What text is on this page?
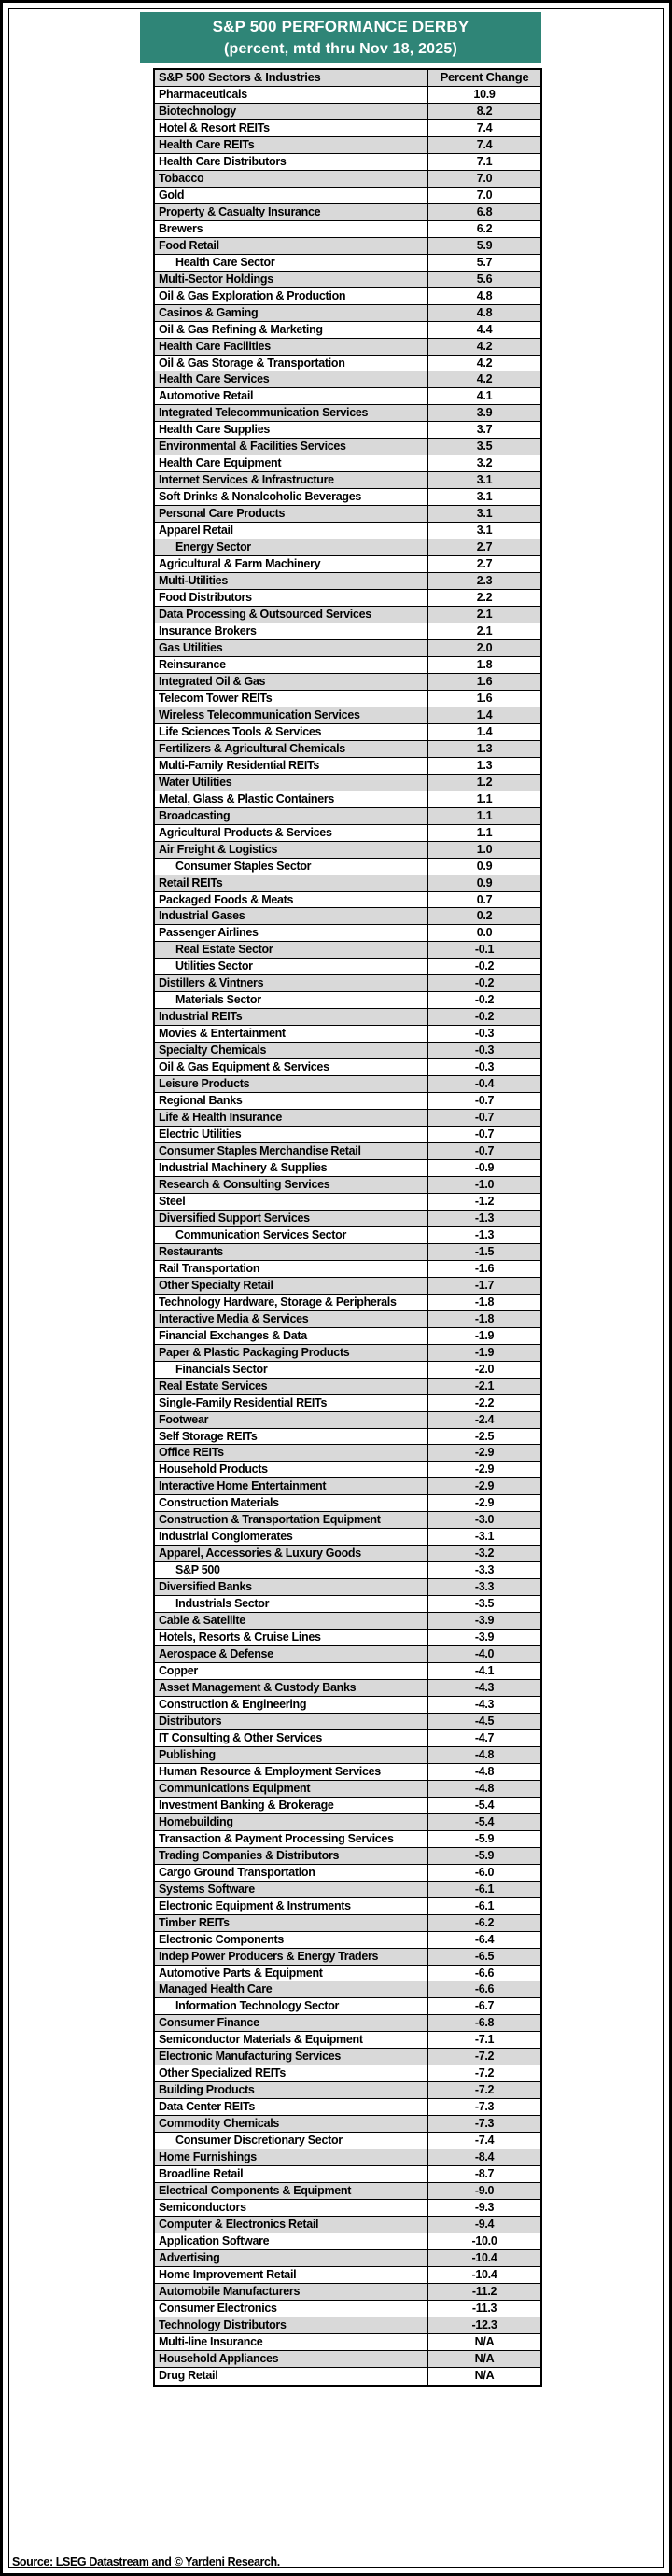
S&P 500 PERFORMANCE DERBY
(percent, mtd thru Nov 18, 2025)
S&P 500 Sectors & Industries	Percent Change
Pharmaceuticals	10.9
Biotechnology	8.2
Hotel & Resort REITs	7.4
Health Care REITs	7.4
Health Care Distributors	7.1
Tobacco	7.0
Gold	7.0
Property & Casualty Insurance	6.8
Brewers	6.2
Food Retail	5.9
Health Care Sector	5.7
Multi-Sector Holdings	5.6
Oil & Gas Exploration & Production	4.8
Casinos & Gaming	4.8
Oil & Gas Refining & Marketing	4.4
Health Care Facilities	4.2
Oil & Gas Storage & Transportation	4.2
Health Care Services	4.2
Automotive Retail	4.1
Integrated Telecommunication Services	3.9
Health Care Supplies	3.7
Environmental & Facilities Services	3.5
Health Care Equipment	3.2
Internet Services & Infrastructure	3.1
Soft Drinks & Nonalcoholic Beverages	3.1
Personal Care Products	3.1
Apparel Retail	3.1
Energy Sector	2.7
Agricultural & Farm Machinery	2.7
Multi-Utilities	2.3
Food Distributors	2.2
Data Processing & Outsourced Services	2.1
Insurance Brokers	2.1
Gas Utilities	2.0
Reinsurance	1.8
Integrated Oil & Gas	1.6
Telecom Tower REITs	1.6
Wireless Telecommunication Services	1.4
Life Sciences Tools & Services	1.4
Fertilizers & Agricultural Chemicals	1.3
Multi-Family Residential REITs	1.3
Water Utilities	1.2
Metal, Glass & Plastic Containers	1.1
Broadcasting	1.1
Agricultural Products & Services	1.1
Air Freight & Logistics	1.0
Consumer Staples Sector	0.9
Retail REITs	0.9
Packaged Foods & Meats	0.7
Industrial Gases	0.2
Passenger Airlines	0.0
Real Estate Sector	-0.1
Utilities Sector	-0.2
Distillers & Vintners	-0.2
Materials Sector	-0.2
Industrial REITs	-0.2
Movies & Entertainment	-0.3
Specialty Chemicals	-0.3
Oil & Gas Equipment & Services	-0.3
Leisure Products	-0.4
Regional Banks	-0.7
Life & Health Insurance	-0.7
Electric Utilities	-0.7
Consumer Staples Merchandise Retail	-0.7
Industrial Machinery & Supplies	-0.9
Research & Consulting Services	-1.0
Steel	-1.2
Diversified Support Services	-1.3
Communication Services Sector	-1.3
Restaurants	-1.5
Rail Transportation	-1.6
Other Specialty Retail	-1.7
Technology Hardware, Storage & Peripherals	-1.8
Interactive Media & Services	-1.8
Financial Exchanges & Data	-1.9
Paper & Plastic Packaging Products	-1.9
Financials Sector	-2.0
Real Estate Services	-2.1
Single-Family Residential REITs	-2.2
Footwear	-2.4
Self Storage REITs	-2.5
Office REITs	-2.9
Household Products	-2.9
Interactive Home Entertainment	-2.9
Construction Materials	-2.9
Construction & Transportation Equipment	-3.0
Industrial Conglomerates	-3.1
Apparel, Accessories & Luxury Goods	-3.2
S&P 500	-3.3
Diversified Banks	-3.3
Industrials Sector	-3.5
Cable & Satellite	-3.9
Hotels, Resorts & Cruise Lines	-3.9
Aerospace & Defense	-4.0
Copper	-4.1
Asset Management & Custody Banks	-4.3
Construction & Engineering	-4.3
Distributors	-4.5
IT Consulting & Other Services	-4.7
Publishing	-4.8
Human Resource & Employment Services	-4.8
Communications Equipment	-4.8
Investment Banking & Brokerage	-5.4
Homebuilding	-5.4
Transaction & Payment Processing Services	-5.9
Trading Companies & Distributors	-5.9
Cargo Ground Transportation	-6.0
Systems Software	-6.1
Electronic Equipment & Instruments	-6.1
Timber REITs	-6.2
Electronic Components	-6.4
Indep Power Producers & Energy Traders	-6.5
Automotive Parts & Equipment	-6.6
Managed Health Care	-6.6
Information Technology Sector	-6.7
Consumer Finance	-6.8
Semiconductor Materials & Equipment	-7.1
Electronic Manufacturing Services	-7.2
Other Specialized REITs	-7.2
Building Products	-7.2
Data Center REITs	-7.3
Commodity Chemicals	-7.3
Consumer Discretionary Sector	-7.4
Home Furnishings	-8.4
Broadline Retail	-8.7
Electrical Components & Equipment	-9.0
Semiconductors	-9.3
Computer & Electronics Retail	-9.4
Application Software	-10.0
Advertising	-10.4
Home Improvement Retail	-10.4
Automobile Manufacturers	-11.2
Consumer Electronics	-11.3
Technology Distributors	-12.3
Multi-line Insurance	N/A
Household Appliances	N/A
Drug Retail	N/A
Source: LSEG Datastream and © Yardeni Research.
